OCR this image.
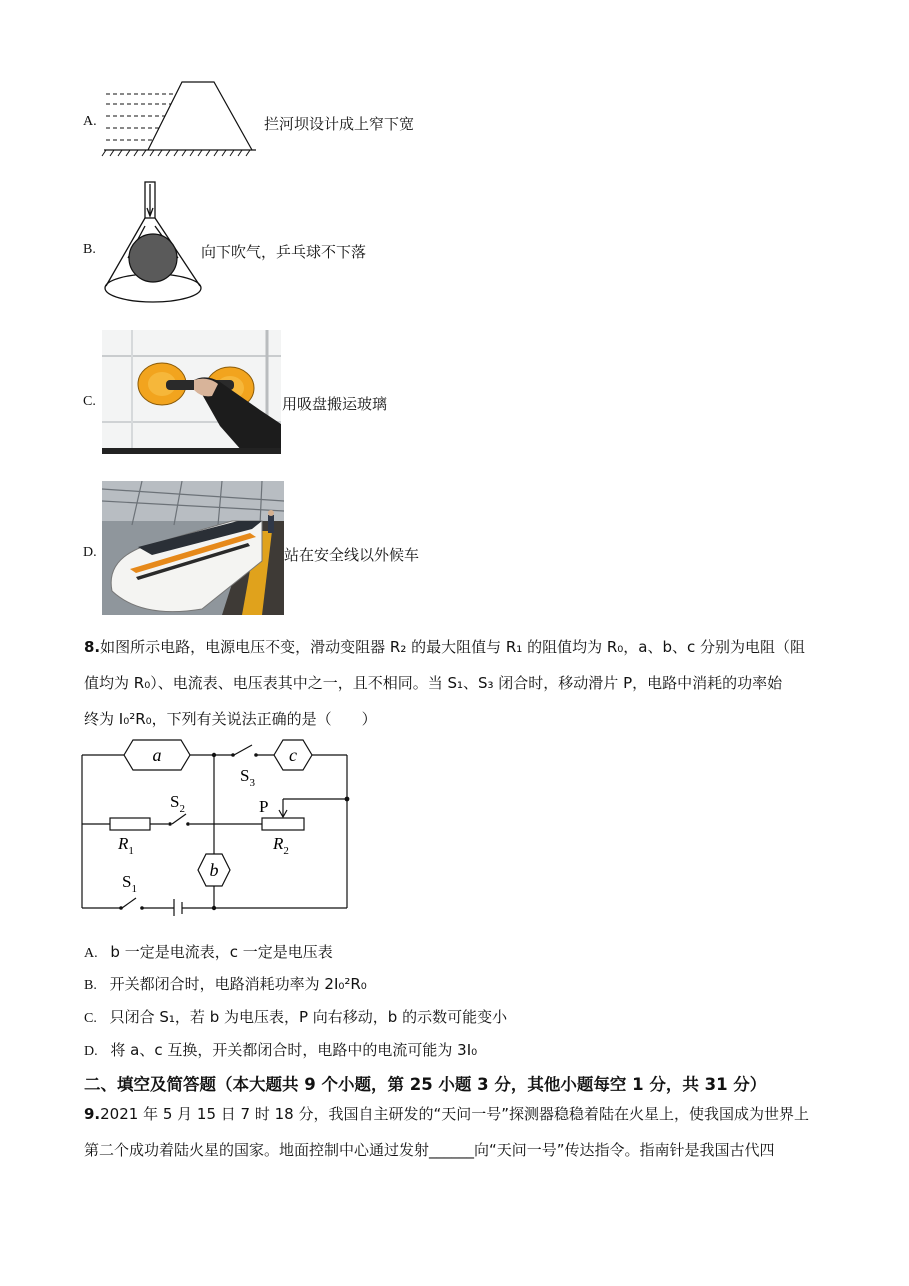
A.	拦河坝设计成上窄下宽
B.	向下吹气，乒乓球不下落
C.	用吸盘搬运玻璃
D.	站在安全线以外候车
8.如图所示电路，电源电压不变，滑动变阻器 R₂ 的最大阻值与 R₁ 的阻值均为 R₀，a、b、c 分别为电阻（阻
值均为 R₀）、电流表、电压表其中之一，且不相同。当 S₁、S₃ 闭合时，移动滑片 P，电路中消耗的功率始
终为 I₀²R₀，下列有关说法正确的是（　　）
a	c
b
$S_3$
$S_2$	P
$R_1$	$R_2$
$S_1$
A. b 一定是电流表，c 一定是电压表
B. 开关都闭合时，电路消耗功率为 2I₀²R₀
C. 只闭合 S₁，若 b 为电压表，P 向右移动，b 的示数可能变小
D. 将 a、c 互换，开关都闭合时，电路中的电流可能为 3I₀
二、填空及简答题（本大题共 9 个小题，第 25 小题 3 分，其他小题每空 1 分，共 31 分）
9.2021 年 5 月 15 日 7 时 18 分，我国自主研发的“天问一号”探测器稳稳着陆在火星上，使我国成为世界上
第二个成功着陆火星的国家。地面控制中心通过发射______向“天问一号”传达指令。指南针是我国古代四
